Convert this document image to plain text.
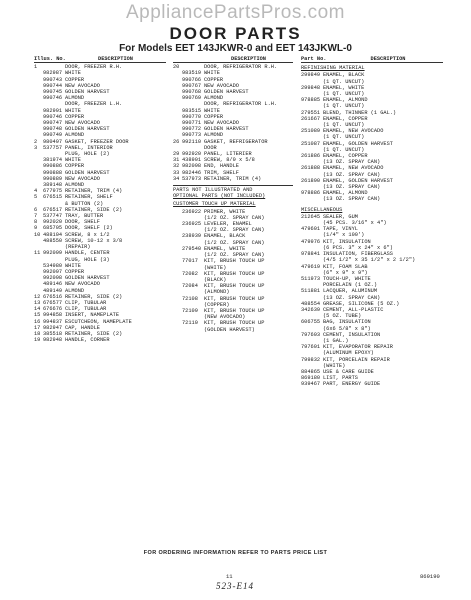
AppliancePartsPros.com
DOOR PARTS
For Models EET 143JKWR-0 and EET 143JKWL-0
Illus. No.	DESCRIPTION
1	DOOR, FREEZER R.H.
982987 WHITE
990743 COPPER
990744 NEW AVOCADO
990745 GOLDEN HARVEST
990746 ALMOND
DOOR, FREEZER L.H.
982991 WHITE
990746 COPPER
990747 NEW AVOCADO
990748 GOLDEN HARVEST
990749 ALMOND
2	980497 GASKET, FREEZER DOOR
3	537757 PANEL, INTERIOR
PLUG, HOLE (2)
381974 WHITE
990886 COPPER
990888 GOLDEN HARVEST
990889 NEW AVOCADO
389148 ALMOND
4	677975 RETAINER, TRIM (4)
5	676515 RETAINER, SHELF
& BUTTON (2)
6	676517 RETAINER, SIDE (2)
7	537747 TRAY, BUTTER
8	992020 DOOR, SHELF
9	685705 DOOR, SHELF (2)
10 488104 SCREW, 8 x 1/2
488550 SCREW, 10-12 x 3/8
(REPAIR)
11 992099 HANDLE, CENTER
PLUG, HOLE (3)
534980 WHITE
992097 COPPER
992098 GOLDEN HARVEST
489146 NEW AVOCADO
489149 ALMOND
12 676516 RETAINER, SIDE (2)
13 676577 CLIP, TUBULAR
14 676676 CLIP, TUBULAR
15 994858 INSERT, NAMEPLATE
16 994837 ESCUTCHEON, NAMEPLATE
17 982947 CAP, HANDLE
18 385518 RETAINER, SIDE (2)
19 982948 HANDLE, CORNER
DESCRIPTION
20	DOOR, REFRIGERATOR R.H.
983519 WHITE
990766 COPPER
990767 NEW AVOCADO
990768 GOLDEN HARVEST
990769 ALMOND
DOOR, REFRIGERATOR L.H.
983515 WHITE
990770 COPPER
990771 NEW AVOCADO
990772 GOLDEN HARVEST
990773 ALMOND
26 992110 GASKET, REFRIGERATOR
DOOR
29 992920 PANEL, LITERIER
31 438901 SCREW, 8/0 x 5/8
32 982098 END, HANDLE
33 982446 TRIM, SHELF
34 537973 RETAINER, TRIM (4)
PARTS NOT ILLUSTRATED AND
OPTIONAL PARTS (NOT INCLUDED)
CUSTOMER TOUCH UP MATERIAL
236922 PRIMER, WHITE
(1/2 OZ. SPRAY CAN)
236925 LEVELER, ENAMEL
(1/2 OZ. SPRAY CAN)
238939 ENAMEL, BLACK
(1/2 OZ. SPRAY CAN)
279540 ENAMEL, WHITE
(1/2 OZ. SPRAY CAN)
77017	KIT, BRUSH TOUCH UP
(WHITE)
72082	KIT, BRUSH TOUCH UP
(BLACK)
72084	KIT, BRUSH TOUCH UP
(ALMOND)
72108	KIT, BRUSH TOUCH UP
(COPPER)
72109	KIT, BRUSH TOUCH UP
(NEW AVOCADO)
72110	KIT, BRUSH TOUCH UP
(GOLDEN HARVEST)
Part No.	DESCRIPTION
REFINISHING MATERIAL
299849 ENAMEL, BLACK
(1 QT. UNCUT)
299848 ENAMEL, WHITE
(1 QT. UNCUT)
978885 ENAMEL, ALMOND
(1 QT. UNCUT)
279551 BLEND, THINNER (1 GAL.)
261667 ENAMEL, COPPER
(1 QT. UNCUT)
251089 ENAMEL, NEW AVOCADO
(1 QT. UNCUT)
251087 ENAMEL, GOLDEN HARVEST
(1 QT. UNCUT)
261886 ENAMEL, COPPER
(13 OZ. SPRAY CAN)
261888 ENAMEL, NEW AVOCADO
(13 OZ. SPRAY CAN)
261890 ENAMEL, GOLDEN HARVEST
(13 OZ. SPRAY CAN)
978886 ENAMEL, ALMOND
(13 OZ. SPRAY CAN)
MISCELLANEOUS
212645 SEALER, GUM
(45 PCS. 3/16" x 4")
479601 TAPE, VINYL
(1/4" x 100')
479976 KIT, INSULATION
(6 PCS. 3" x 24" x 6")
978841 INSULATION, FIBERGLASS
(4/5 1/2" x 35 1/2" x 2 1/2")
479619 KIT, FOAM SLAB
(6" x 9" x 9")
511973 TOUCH-UP, WHITE
PORCELAIN (1 OZ.)
511881 LACQUER, ALUMINUM
(13 OZ. SPRAY CAN)
488554 GREASE, SILICONE (5 OZ.)
342639 CEMENT, ALL-PLASTIC
(5 OZ. TUBE)
606755 BAG, INSULATION
(6x6 5/8" x 8")
797603 CEMENT, INSULATION
(1 GAL.)
797601 KIT, EVAPORATOR REPAIR
(ALUMINUM EPOXY)
799832 KIT, PORCELAIN REPAIR
(WHITE)
884865 USE & CARE GUIDE
869180 LIST, PARTS
939467 PART, ENERGY GUIDE
FOR ORDERING INFORMATION REFER TO PARTS PRICE LIST
11	869190
523-E14
